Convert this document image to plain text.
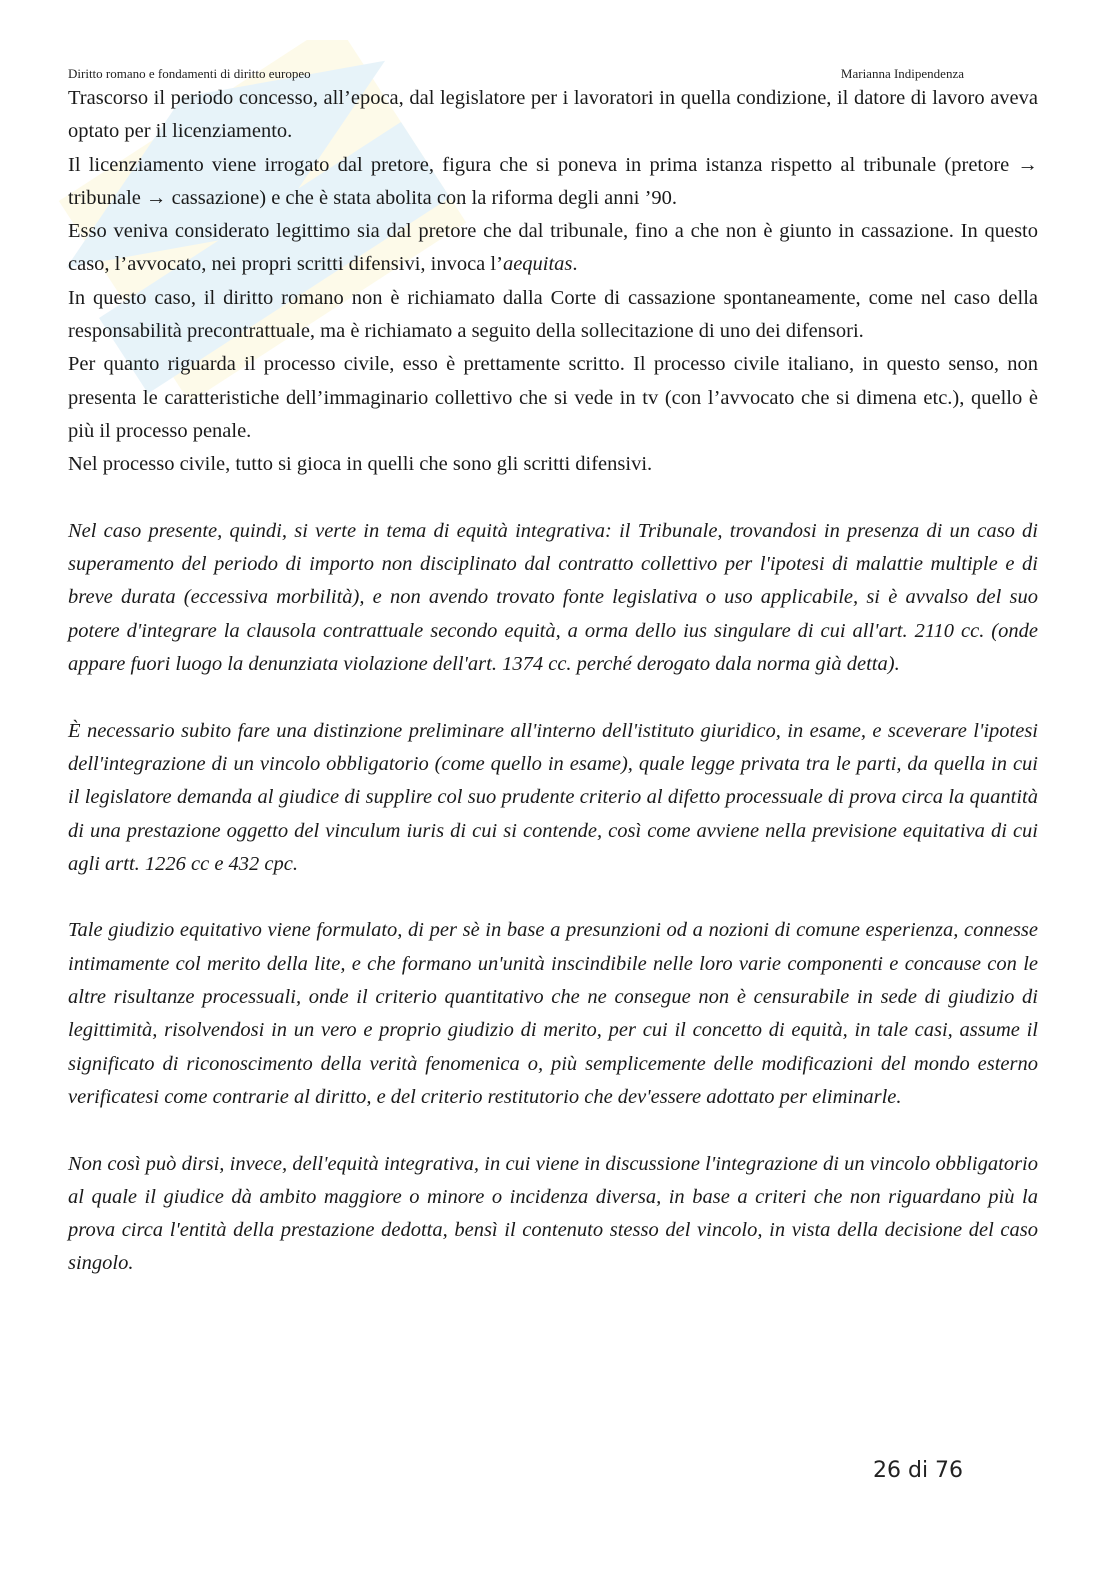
Diritto romano e fondamenti di diritto europeo	Marianna Indipendenza

Trascorso il periodo concesso, all’epoca, dal legislatore per i lavoratori in quella condizione, il datore di lavoro aveva optato per il licenziamento.

Il licenziamento viene irrogato dal pretore, figura che si poneva in prima istanza rispetto al tribunale (pretore → tribunale → cassazione) e che è stata abolita con la riforma degli anni ’90.

Esso veniva considerato legittimo sia dal pretore che dal tribunale, fino a che non è giunto in cassazione. In questo caso, l’avvocato, nei propri scritti difensivi, invoca l’aequitas.

In questo caso, il diritto romano non è richiamato dalla Corte di cassazione spontaneamente, come nel caso della responsabilità precontrattuale, ma è richiamato a seguito della sollecitazione di uno dei difensori.

Per quanto riguarda il processo civile, esso è prettamente scritto. Il processo civile italiano, in questo senso, non presenta le caratteristiche dell’immaginario collettivo che si vede in tv (con l’avvocato che si dimena etc.), quello è più il processo penale.

Nel processo civile, tutto si gioca in quelli che sono gli scritti difensivi.

Nel caso presente, quindi, si verte in tema di equità integrativa: il Tribunale, trovandosi in presenza di un caso di superamento del periodo di importo non disciplinato dal contratto collettivo per l'ipotesi di malattie multiple e di breve durata (eccessiva morbilità), e non avendo trovato fonte legislativa o uso applicabile, si è avvalso del suo potere d'integrare la clausola contrattuale secondo equità, a orma dello ius singulare di cui all'art. 2110 cc. (onde appare fuori luogo la denunziata violazione dell'art. 1374 cc. perché derogato dala norma già detta).

È necessario subito fare una distinzione preliminare all'interno dell'istituto giuridico, in esame, e sceverare l'ipotesi dell'integrazione di un vincolo obbligatorio (come quello in esame), quale legge privata tra le parti, da quella in cui il legislatore demanda al giudice di supplire col suo prudente criterio al difetto processuale di prova circa la quantità di una prestazione oggetto del vinculum iuris di cui si contende, così come avviene nella previsione equitativa di cui agli artt. 1226 cc e 432 cpc.

Tale giudizio equitativo viene formulato, di per sè in base a presunzioni od a nozioni di comune esperienza, connesse intimamente col merito della lite, e che formano un'unità inscindibile nelle loro varie componenti e concause con le altre risultanze processuali, onde il criterio quantitativo che ne consegue non è censurabile in sede di giudizio di legittimità, risolvendosi in un vero e proprio giudizio di merito, per cui il concetto di equità, in tale casi, assume il significato di riconoscimento della verità fenomenica o, più semplicemente delle modificazioni del mondo esterno verificatesi come contrarie al diritto, e del criterio restitutorio che dev'essere adottato per eliminarle.

Non così può dirsi, invece, dell'equità integrativa, in cui viene in discussione l'integrazione di un vincolo obbligatorio al quale il giudice dà ambito maggiore o minore o incidenza diversa, in base a criteri che non riguardano più la prova circa l'entità della prestazione dedotta, bensì il contenuto stesso del vincolo, in vista della decisione del caso singolo.

26 di 76
